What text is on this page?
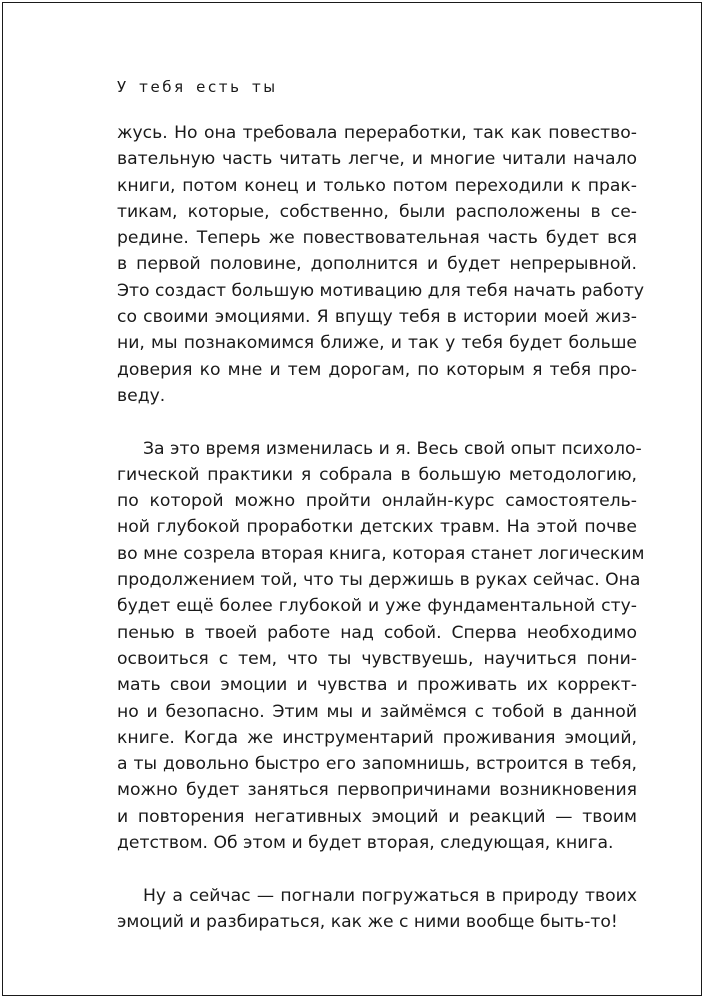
У тебя есть ты

жусь. Но она требовала переработки, так как повество-
вательную часть читать легче, и многие читали начало
книги, потом конец и только потом переходили к прак-
тикам, которые, собственно, были расположены в се-
редине. Теперь же повествовательная часть будет вся
в первой половине, дополнится и будет непрерывной.
Это создаст большую мотивацию для тебя начать работу
со своими эмоциями. Я впущу тебя в истории моей жиз-
ни, мы познакомимся ближе, и так у тебя будет больше
доверия ко мне и тем дорогам, по которым я тебя про-
веду.

За это время изменилась и я. Весь свой опыт психоло-
гической практики я собрала в большую методологию,
по которой можно пройти онлайн-курс самостоятель-
ной глубокой проработки детских травм. На этой почве
во мне созрела вторая книга, которая станет логическим
продолжением той, что ты держишь в руках сейчас. Она
будет ещё более глубокой и уже фундаментальной сту-
пенью в твоей работе над собой. Сперва необходимо
освоиться с тем, что ты чувствуешь, научиться пони-
мать свои эмоции и чувства и проживать их коррект-
но и безопасно. Этим мы и займёмся с тобой в данной
книге. Когда же инструментарий проживания эмоций,
а ты довольно быстро его запомнишь, встроится в тебя,
можно будет заняться первопричинами возникновения
и повторения негативных эмоций и реакций — твоим
детством. Об этом и будет вторая, следующая, книга.

Ну а сейчас — погнали погружаться в природу твоих
эмоций и разбираться, как же с ними вообще быть-то!
